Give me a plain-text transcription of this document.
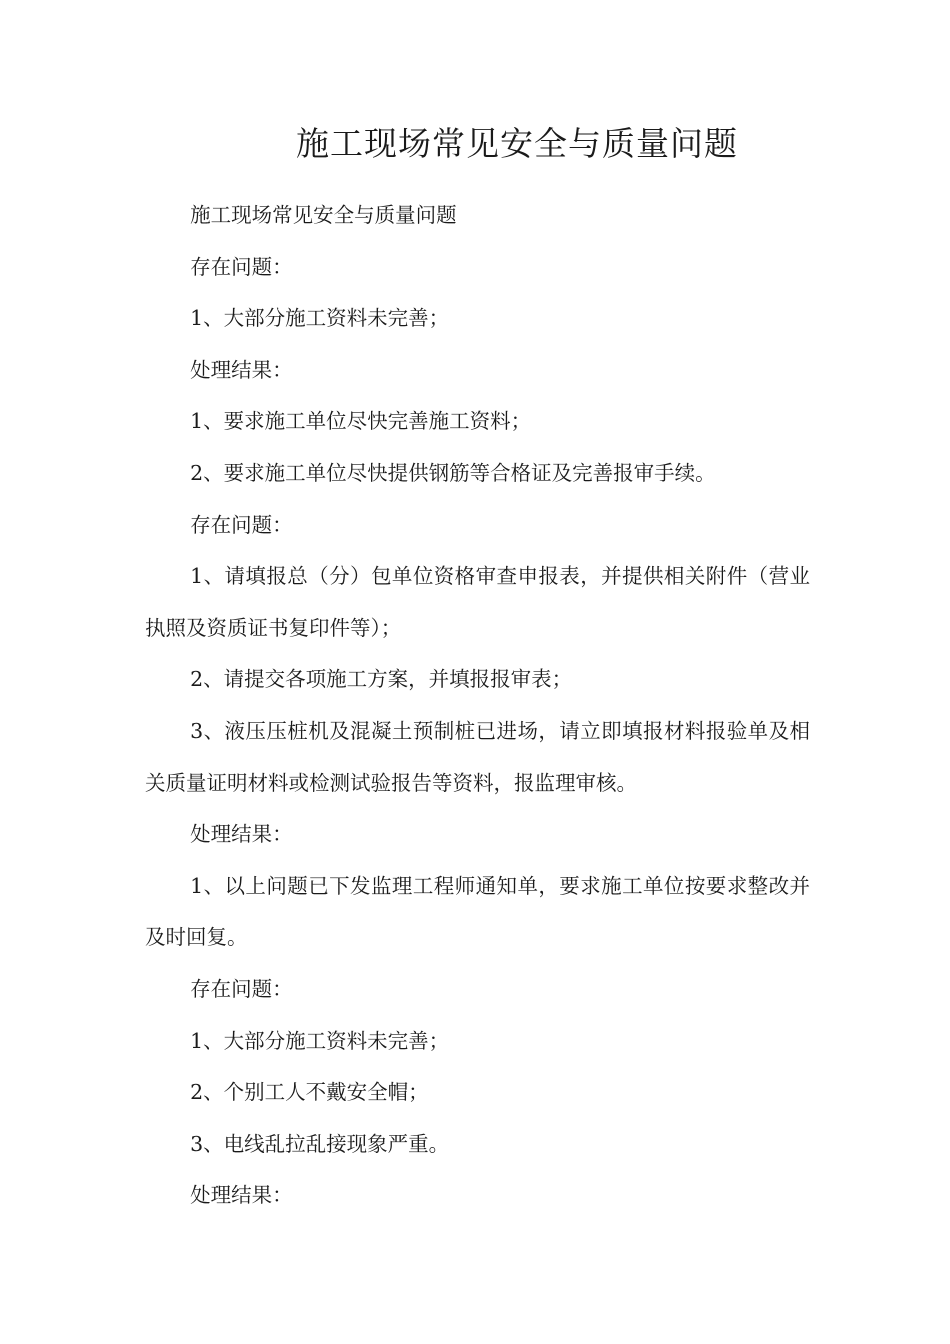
施工现场常见安全与质量问题

施工现场常见安全与质量问题

存在问题：

1、大部分施工资料未完善；

处理结果：

1、要求施工单位尽快完善施工资料；

2、要求施工单位尽快提供钢筋等合格证及完善报审手续。

存在问题：

1、请填报总（分）包单位资格审查申报表，并提供相关附件（营业执照及资质证书复印件等）；

2、请提交各项施工方案，并填报报审表；

3、液压压桩机及混凝土预制桩已进场，请立即填报材料报验单及相关质量证明材料或检测试验报告等资料，报监理审核。

处理结果：

1、以上问题已下发监理工程师通知单，要求施工单位按要求整改并及时回复。

存在问题：

1、大部分施工资料未完善；

2、个别工人不戴安全帽；

3、电线乱拉乱接现象严重。

处理结果：
